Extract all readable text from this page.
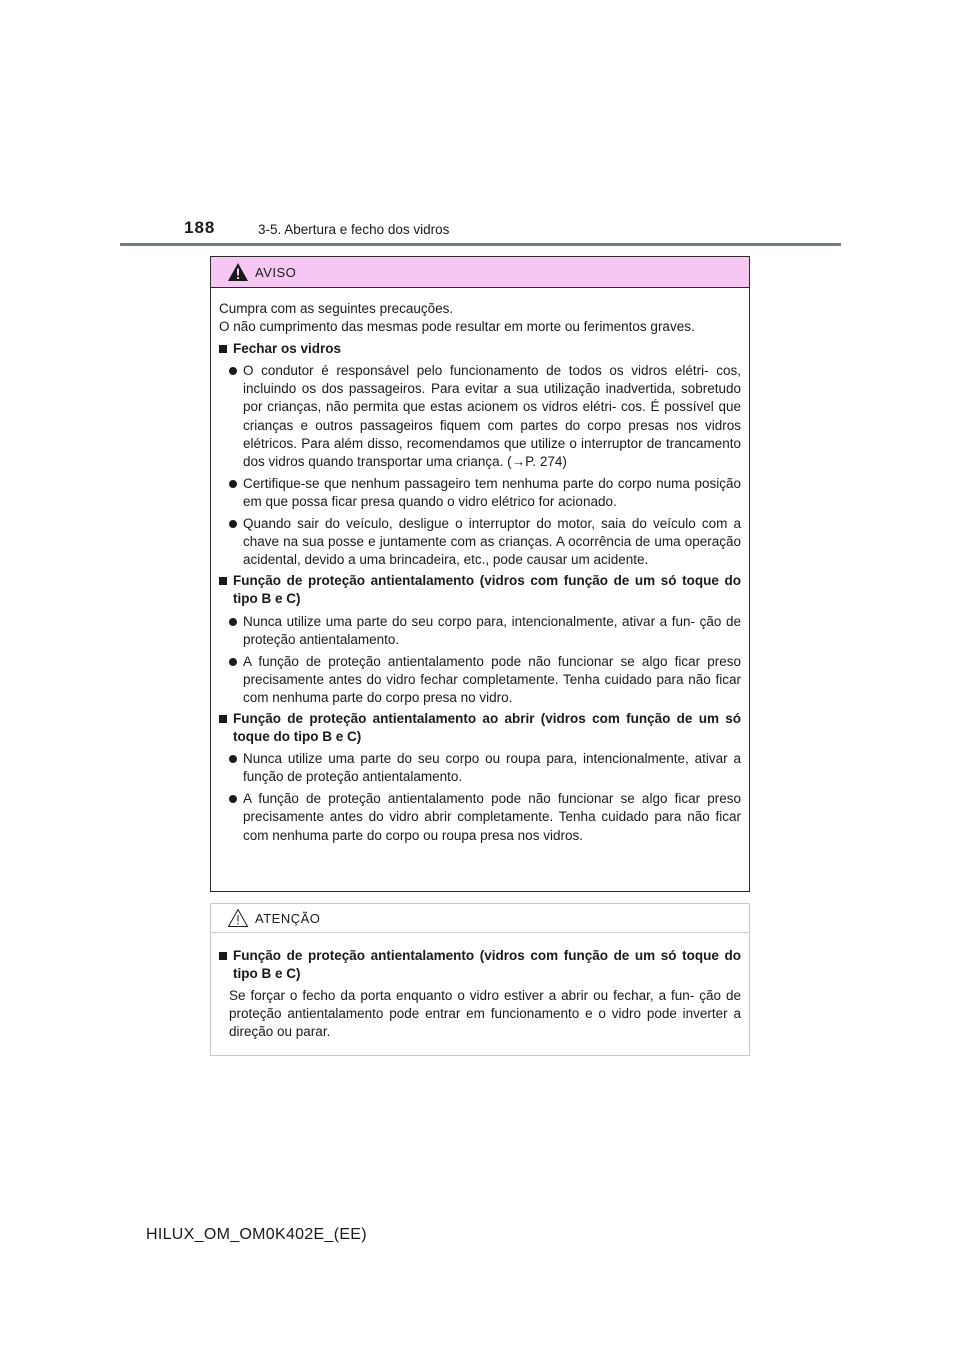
188	3-5. Abertura e fecho dos vidros
AVISO
Cumpra com as seguintes precauções.
O não cumprimento das mesmas pode resultar em morte ou ferimentos graves.
Fechar os vidros
O condutor é responsável pelo funcionamento de todos os vidros elétri- cos, incluindo os dos passageiros. Para evitar a sua utilização inadvertida, sobretudo por crianças, não permita que estas acionem os vidros elétri- cos. É possível que crianças e outros passageiros fiquem com partes do corpo presas nos vidros elétricos. Para além disso, recomendamos que utilize o interruptor de trancamento dos vidros quando transportar uma criança. (→P. 274)
Certifique-se que nenhum passageiro tem nenhuma parte do corpo numa posição em que possa ficar presa quando o vidro elétrico for acionado.
Quando sair do veículo, desligue o interruptor do motor, saia do veículo com a chave na sua posse e juntamente com as crianças. A ocorrência de uma operação acidental, devido a uma brincadeira, etc., pode causar um acidente.
Função de proteção antientalamento (vidros com função de um só toque do tipo B e C)
Nunca utilize uma parte do seu corpo para, intencionalmente, ativar a fun- ção de proteção antientalamento.
A função de proteção antientalamento pode não funcionar se algo ficar preso precisamente antes do vidro fechar completamente. Tenha cuidado para não ficar com nenhuma parte do corpo presa no vidro.
Função de proteção antientalamento ao abrir (vidros com função de um só toque do tipo B e C)
Nunca utilize uma parte do seu corpo ou roupa para, intencionalmente, ativar a função de proteção antientalamento.
A função de proteção antientalamento pode não funcionar se algo ficar preso precisamente antes do vidro abrir completamente. Tenha cuidado para não ficar com nenhuma parte do corpo ou roupa presa nos vidros.
ATENÇÃO
Função de proteção antientalamento (vidros com função de um só toque do tipo B e C)
Se forçar o fecho da porta enquanto o vidro estiver a abrir ou fechar, a fun- ção de proteção antientalamento pode entrar em funcionamento e o vidro pode inverter a direção ou parar.
HILUX_OM_OM0K402E_(EE)
